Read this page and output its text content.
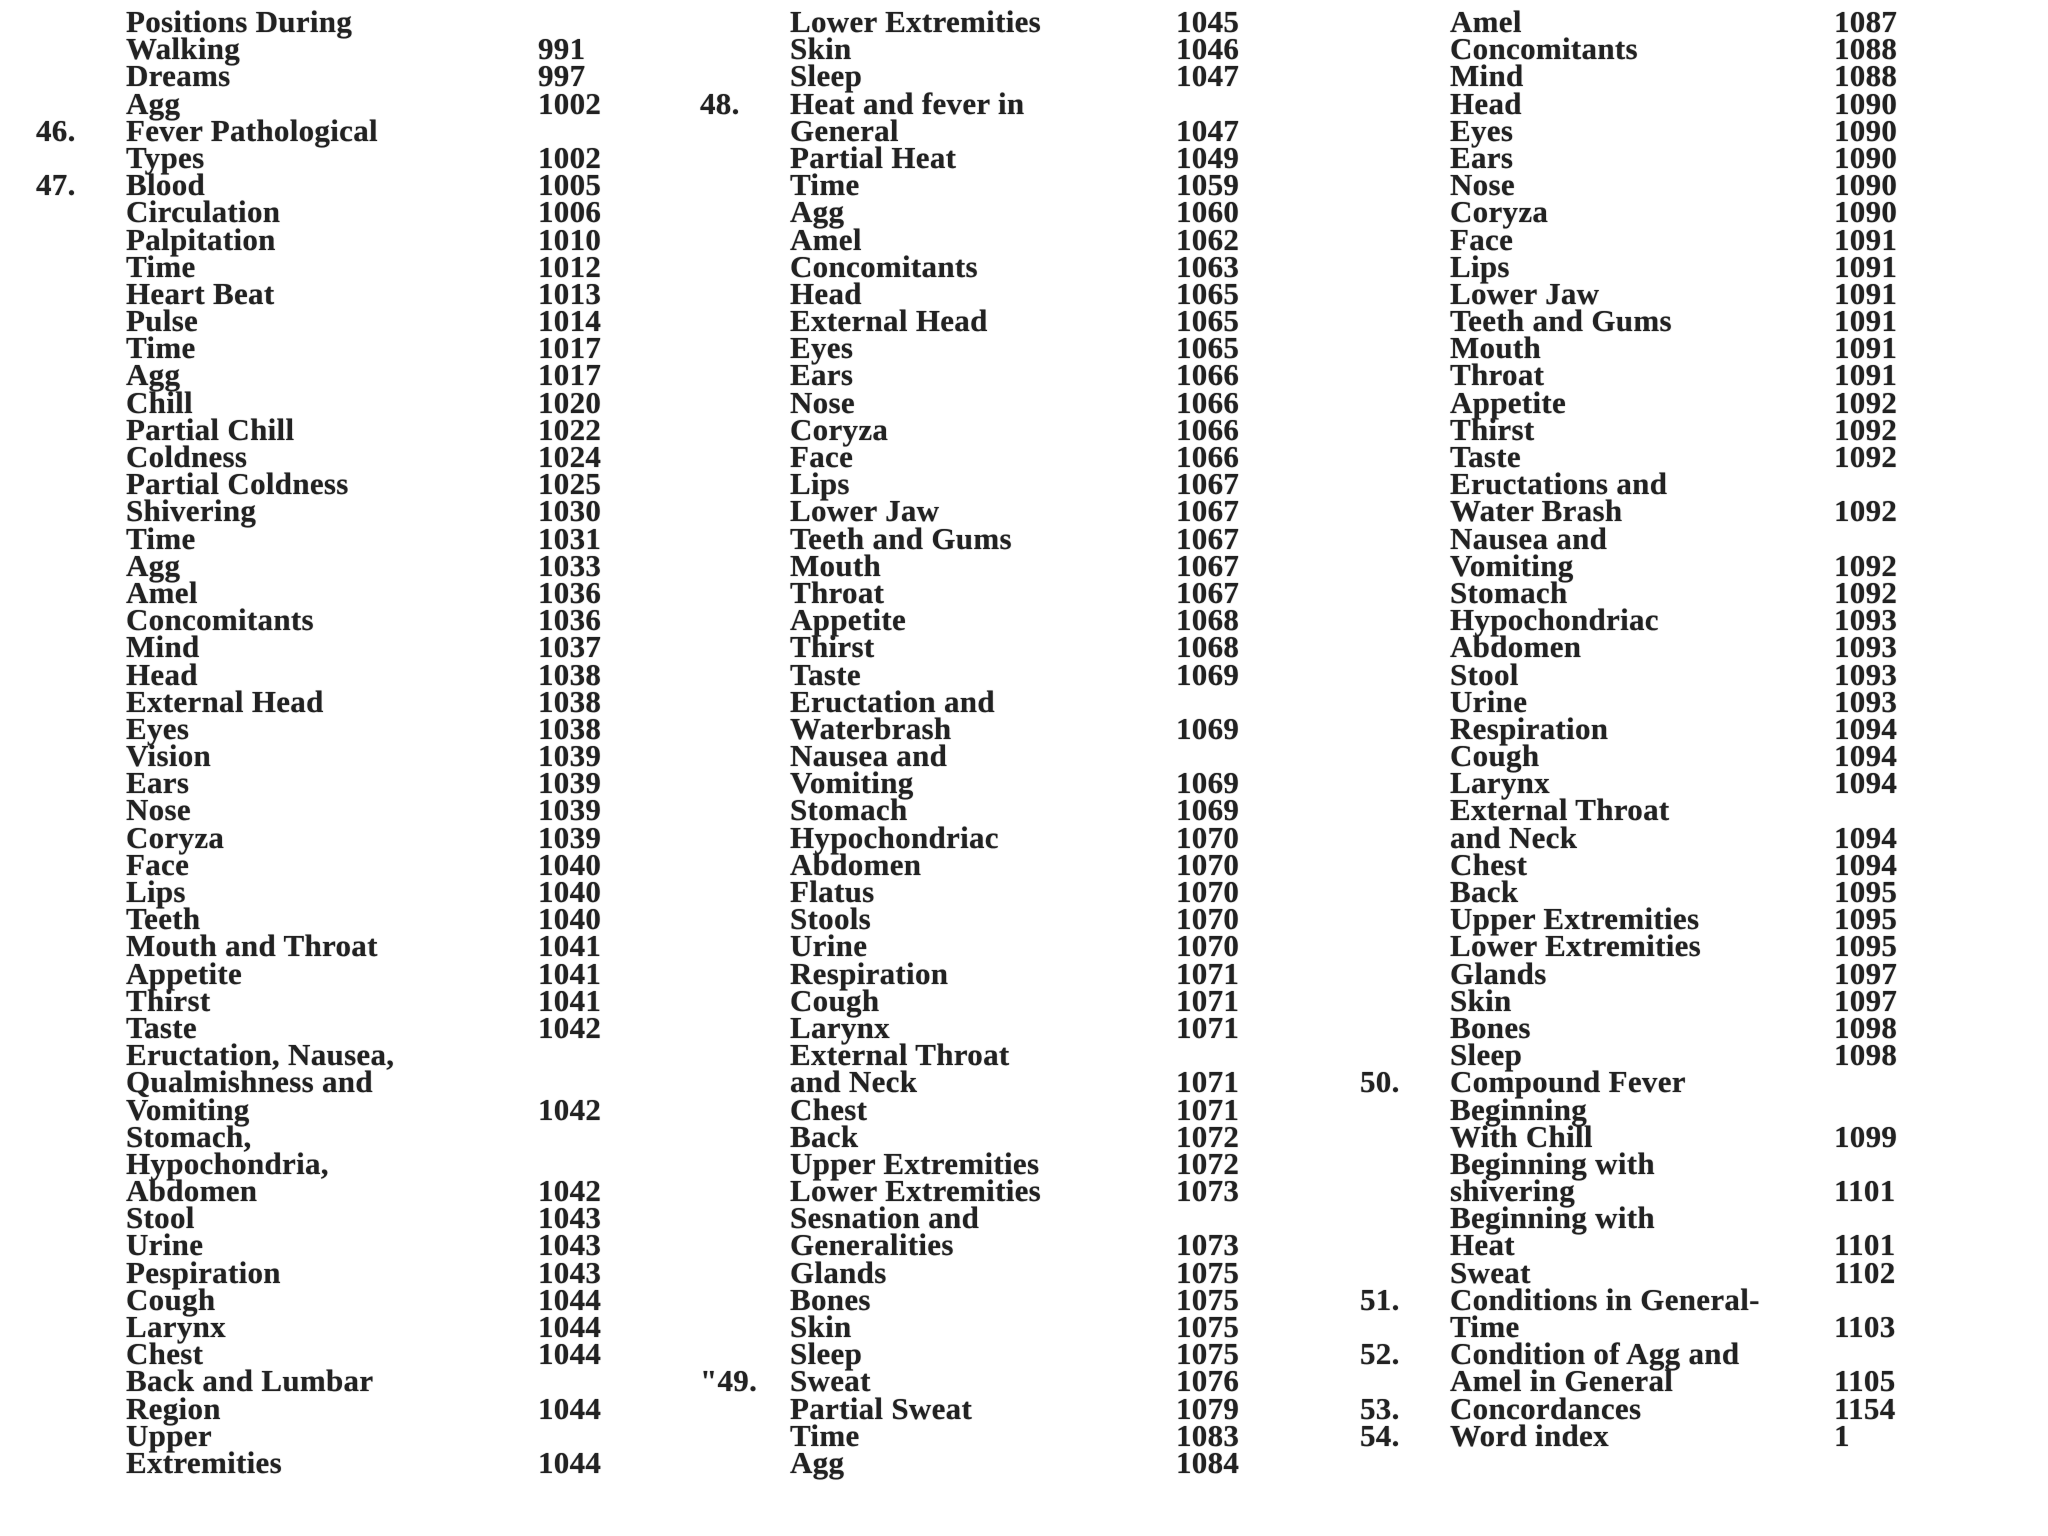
Positions During
Walking	991
Dreams	997
Agg	1002
46. Fever Pathological
Types	1002
47. Blood	1005
Circulation	1006
Palpitation	1010
Time	1012
Heart Beat	1013
Pulse	1014
Time	1017
Agg	1017
Chill	1020
Partial Chill	1022
Coldness	1024
Partial Coldness	1025
Shivering	1030
Time	1031
Agg	1033
Amel	1036
Concomitants	1036
Mind	1037
Head	1038
External Head	1038
Eyes	1038
Vision	1039
Ears	1039
Nose	1039
Coryza	1039
Face	1040
Lips	1040
Teeth	1040
Mouth and Throat	1041
Appetite	1041
Thirst	1041
Taste	1042
Eructation, Nausea,
Qualmishness and
Vomiting	1042
Stomach,
Hypochondria,
Abdomen	1042
Stool	1043
Urine	1043
Pespiration	1043
Cough	1044
Larynx	1044
Chest	1044
Back and Lumbar
Region	1044
Upper
Extremities	1044
Lower Extremities	1045
Skin	1046
Sleep	1047
48. Heat and fever in
General	1047
Partial Heat	1049
Time	1059
Agg	1060
Amel	1062
Concomitants	1063
Head	1065
External Head	1065
Eyes	1065
Ears	1066
Nose	1066
Coryza	1066
Face	1066
Lips	1067
Lower Jaw	1067
Teeth and Gums	1067
Mouth	1067
Throat	1067
Appetite	1068
Thirst	1068
Taste	1069
Eructation and
Waterbrash	1069
Nausea and
Vomiting	1069
Stomach	1069
Hypochondriac	1070
Abdomen	1070
Flatus	1070
Stools	1070
Urine	1070
Respiration	1071
Cough	1071
Larynx	1071
External Throat
and Neck	1071
Chest	1071
Back	1072
Upper Extremities	1072
Lower Extremities	1073
Sesnation and
Generalities	1073
Glands	1075
Bones	1075
Skin	1075
Sleep	1075
"49. Sweat	1076
Partial Sweat	1079
Time	1083
Agg	1084
Amel	1087
Concomitants	1088
Mind	1088
Head	1090
Eyes	1090
Ears	1090
Nose	1090
Coryza	1090
Face	1091
Lips	1091
Lower Jaw	1091
Teeth and Gums	1091
Mouth	1091
Throat	1091
Appetite	1092
Thirst	1092
Taste	1092
Eructations and
Water Brash	1092
Nausea and
Vomiting	1092
Stomach	1092
Hypochondriac	1093
Abdomen	1093
Stool	1093
Urine	1093
Respiration	1094
Cough	1094
Larynx	1094
External Throat
and Neck	1094
Chest	1094
Back	1095
Upper Extremities	1095
Lower Extremities	1095
Glands	1097
Skin	1097
Bones	1098
Sleep	1098
50. Compound Fever
Beginning
With Chill	1099
Beginning with
shivering	1101
Beginning with
Heat	1101
Sweat	1102
51. Conditions in General-
Time	1103
52. Condition of Agg and
Amel in General	1105
53. Concordances	1154
54. Word index	1
